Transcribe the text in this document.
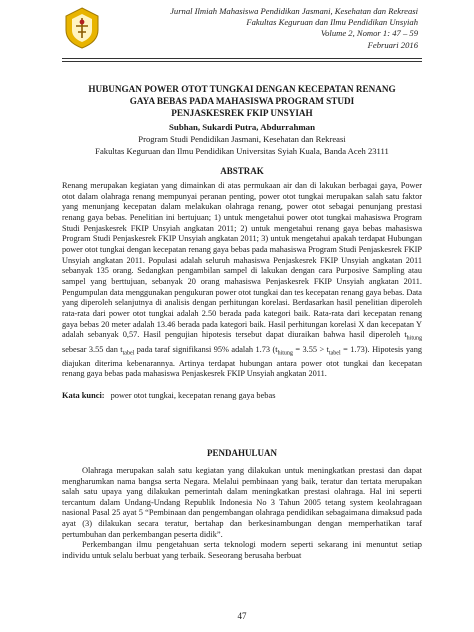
Jurnal Ilmiah Mahasiswa Pendidikan Jasmani, Kesehatan dan Rekreasi
Fakultas Keguruan dan Ilmu Pendidikan Unsyiah
Volume 2, Nomor 1: 47 – 59
Februari 2016
HUBUNGAN POWER OTOT TUNGKAI DENGAN KECEPATAN RENANG
GAYA BEBAS PADA MAHASISWA PROGRAM STUDI
PENJASKESREK FKIP UNSYIAH
Subhan, Sukardi Putra, Abdurrahman
Program Studi Pendidikan Jasmani, Kesehatan dan Rekreasi
Fakultas Keguruan dan Ilmu Pendidikan Universitas Syiah Kuala, Banda Aceh 23111
ABSTRAK
Renang merupakan kegiatan yang dimainkan di atas permukaan air dan di lakukan berbagai gaya, Power otot dalam olahraga renang mempunyai peranan penting, power otot tungkai merupakan salah satu faktor yang menunjang kecepatan dalam melakukan olahraga renang, power otot sebagai penunjang prestasi renang gaya bebas. Penelitian ini bertujuan; 1) untuk mengetahui power otot tungkai mahasiswa Program Studi Penjaskesrek FKIP Unsyiah angkatan 2011; 2) untuk mengetahui renang gaya bebas mahasiswa Program Studi Penjaskesrek FKIP Unsyiah angkatan 2011; 3) untuk mengetahui apakah terdapat Hubungan power otot tungkai dengan kecepatan renang gaya bebas pada mahasiswa Program Studi Penjaskesrek FKIP Unsyiah angkatan 2011. Populasi adalah seluruh mahasiswa Penjaskesrek FKIP Unsyiah angkatan 2011 sebanyak 135 orang. Sedangkan pengambilan sampel di lakukan dengan cara Purposive Sampling atau sampel yang berttujuan, sebanyak 20 orang mahasiswa Penjaskesrek FKIP Unsyiah angkatan 2011. Pengumpulan data menggunakan pengukuran power otot tungkai dan tes kecepatan renang gaya bebas. Data yang diperoleh selanjutnya di analisis dengan perhitungan korelasi. Berdasarkan hasil penelitian diperoleh rata-rata dari power otot tungkai adalah 2.50 berada pada kategori baik. Rata-rata dari kecepatan renang gaya bebas 20 meter adalah 13.46 berada pada kategori baik. Hasil perhitungan korelasi X dan kecepatan Y adalah sebanyak 0,57. Hasil pengujian hipotesis tersebut dapat diuraikan bahwa hasil diperoleh $t_{hitung}$ sebesar 3.55 dan $t_{tabel}$ pada taraf signifikansi 95% adalah 1.73 $(t_{hitung} = 3.55 > t_{tabel} = 1.73)$. Hipotesis yang diajukan diterima kebenarannya. Artinya terdapat hubungan antara power otot tungkai dan kecepatan renang gaya bebas pada mahasiswa Penjaskesrek FKIP Unsyiah angkatan 2011.
Kata kunci: power otot tungkai, kecepatan renang gaya bebas
PENDAHULUAN

Olahraga merupakan salah satu kegiatan yang dilakukan untuk meningkatkan prestasi dan dapat mengharumkan nama bangsa serta Negara. Melalui pembinaan yang baik, teratur dan tertata merupakan salah satu upaya yang dilakukan pemerintah dalam meningkatkan prestasi olahraga. Hal ini seperti tercantum dalam Undang-Undang Republik Indonesia No 3 Tahun 2005 tetang system keolahragaan nasional Pasal 25 ayat 5 “Pembinaan dan pengembangan olahraga pendidikan sebagaimana dimaksud pada ayat (3) dilakukan secara teratur, bertahap dan berkesinambungan dengan memperhatikan taraf pertumbuhan dan perkembangan peserta didik”.

Perkembangan ilmu pengetahuan serta teknologi modern seperti sekarang ini menuntut setiap individu untuk selalu berbuat yang terbaik. Seseorang berusaha berbuat

47
